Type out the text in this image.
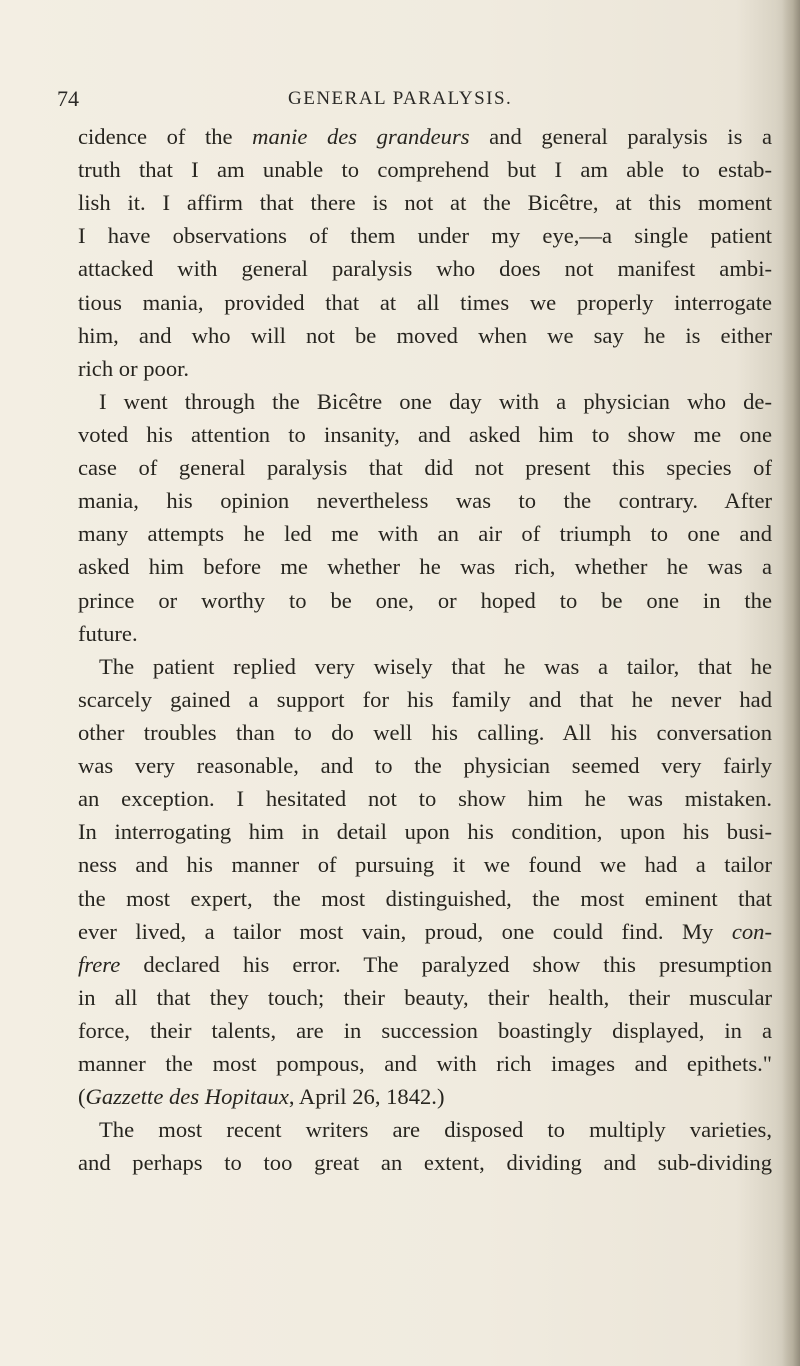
74	GENERAL PARALYSIS.
cidence of the manie des grandeurs and general paralysis is a
truth that I am unable to comprehend but I am able to estab-
lish it. I affirm that there is not at the Bicêtre, at this moment
I have observations of them under my eye,—a single patient
attacked with general paralysis who does not manifest ambi-
tious mania, provided that at all times we properly interrogate
him, and who will not be moved when we say he is either
rich or poor.
I went through the Bicêtre one day with a physician who de-
voted his attention to insanity, and asked him to show me one
case of general paralysis that did not present this species of
mania, his opinion nevertheless was to the contrary. After
many attempts he led me with an air of triumph to one and
asked him before me whether he was rich, whether he was a
prince or worthy to be one, or hoped to be one in the
future.
The patient replied very wisely that he was a tailor, that he
scarcely gained a support for his family and that he never had
other troubles than to do well his calling. All his conversation
was very reasonable, and to the physician seemed very fairly
an exception. I hesitated not to show him he was mistaken.
In interrogating him in detail upon his condition, upon his busi-
ness and his manner of pursuing it we found we had a tailor
the most expert, the most distinguished, the most eminent that
ever lived, a tailor most vain, proud, one could find. My con-
frere declared his error. The paralyzed show this presumption
in all that they touch; their beauty, their health, their muscular
force, their talents, are in succession boastingly displayed, in a
manner the most pompous, and with rich images and epithets."
(Gazzette des Hopitaux, April 26, 1842.)
The most recent writers are disposed to multiply varieties,
and perhaps to too great an extent, dividing and sub-dividing
